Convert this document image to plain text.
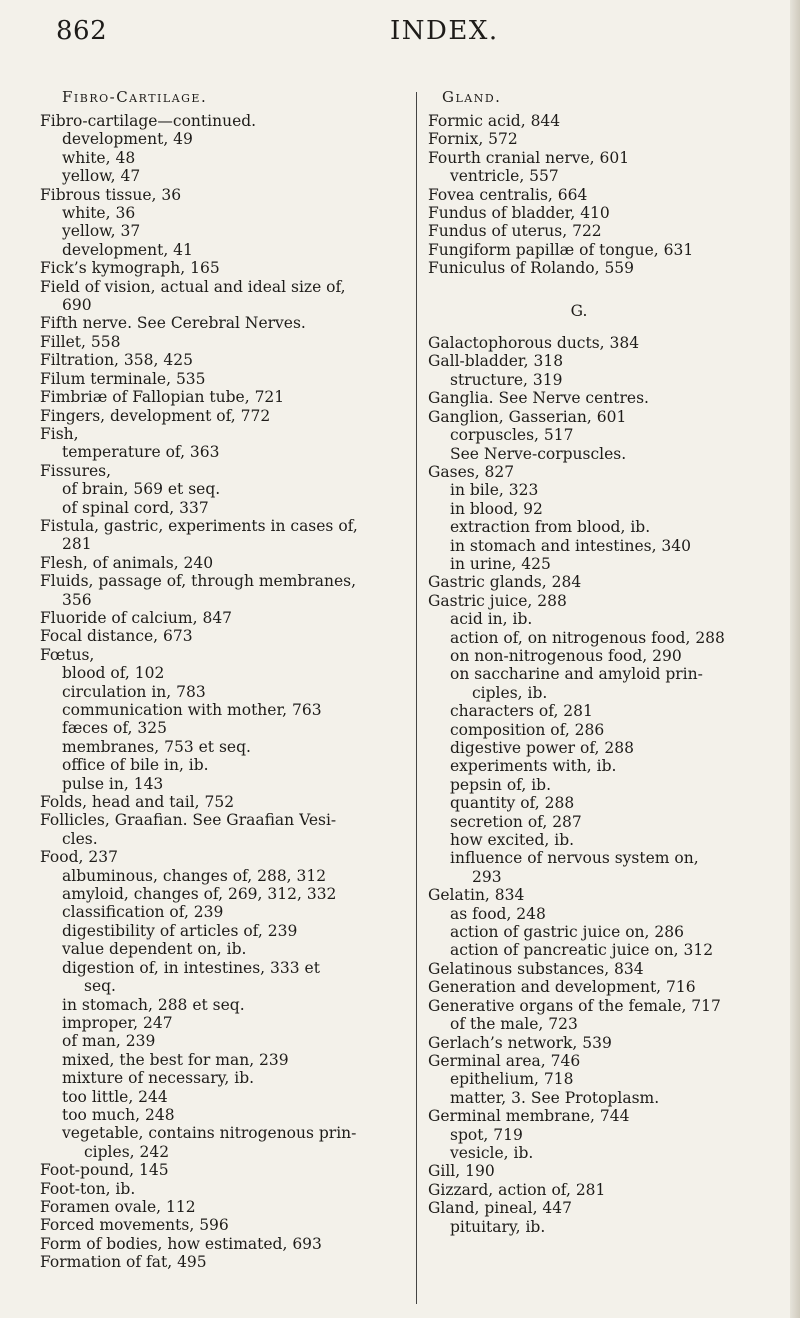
862	INDEX.
Fibro-Cartilage.	Gland.
Fibro-cartilage—continued.
development, 49
white, 48
yellow, 47
Fibrous tissue, 36
white, 36
yellow, 37
development, 41
Fick’s kymograph, 165
Field of vision, actual and ideal size of,
690
Fifth nerve. See Cerebral Nerves.
Fillet, 558
Filtration, 358, 425
Filum terminale, 535
Fimbriæ of Fallopian tube, 721
Fingers, development of, 772
Fish,
temperature of, 363
Fissures,
of brain, 569 et seq.
of spinal cord, 337
Fistula, gastric, experiments in cases of,
281
Flesh, of animals, 240
Fluids, passage of, through membranes,
356
Fluoride of calcium, 847
Focal distance, 673
Fœtus,
blood of, 102
circulation in, 783
communication with mother, 763
fæces of, 325
membranes, 753 et seq.
office of bile in, ib.
pulse in, 143
Folds, head and tail, 752
Follicles, Graafian. See Graafian Vesi-
cles.
Food, 237
albuminous, changes of, 288, 312
amyloid, changes of, 269, 312, 332
classification of, 239
digestibility of articles of, 239
value dependent on, ib.
digestion of, in intestines, 333 et
seq.
in stomach, 288 et seq.
improper, 247
of man, 239
mixed, the best for man, 239
mixture of necessary, ib.
too little, 244
too much, 248
vegetable, contains nitrogenous prin-
ciples, 242
Foot-pound, 145
Foot-ton, ib.
Foramen ovale, 112
Forced movements, 596
Form of bodies, how estimated, 693
Formation of fat, 495
Formic acid, 844
Fornix, 572
Fourth cranial nerve, 601
ventricle, 557
Fovea centralis, 664
Fundus of bladder, 410
Fundus of uterus, 722
Fungiform papillæ of tongue, 631
Funiculus of Rolando, 559
G.
Galactophorous ducts, 384
Gall-bladder, 318
structure, 319
Ganglia. See Nerve centres.
Ganglion, Gasserian, 601
corpuscles, 517
See Nerve-corpuscles.
Gases, 827
in bile, 323
in blood, 92
extraction from blood, ib.
in stomach and intestines, 340
in urine, 425
Gastric glands, 284
Gastric juice, 288
acid in, ib.
action of, on nitrogenous food, 288
on non-nitrogenous food, 290
on saccharine and amyloid prin-
ciples, ib.
characters of, 281
composition of, 286
digestive power of, 288
experiments with, ib.
pepsin of, ib.
quantity of, 288
secretion of, 287
how excited, ib.
influence of nervous system on,
293
Gelatin, 834
as food, 248
action of gastric juice on, 286
action of pancreatic juice on, 312
Gelatinous substances, 834
Generation and development, 716
Generative organs of the female, 717
of the male, 723
Gerlach’s network, 539
Germinal area, 746
epithelium, 718
matter, 3. See Protoplasm.
Germinal membrane, 744
spot, 719
vesicle, ib.
Gill, 190
Gizzard, action of, 281
Gland, pineal, 447
pituitary, ib.
